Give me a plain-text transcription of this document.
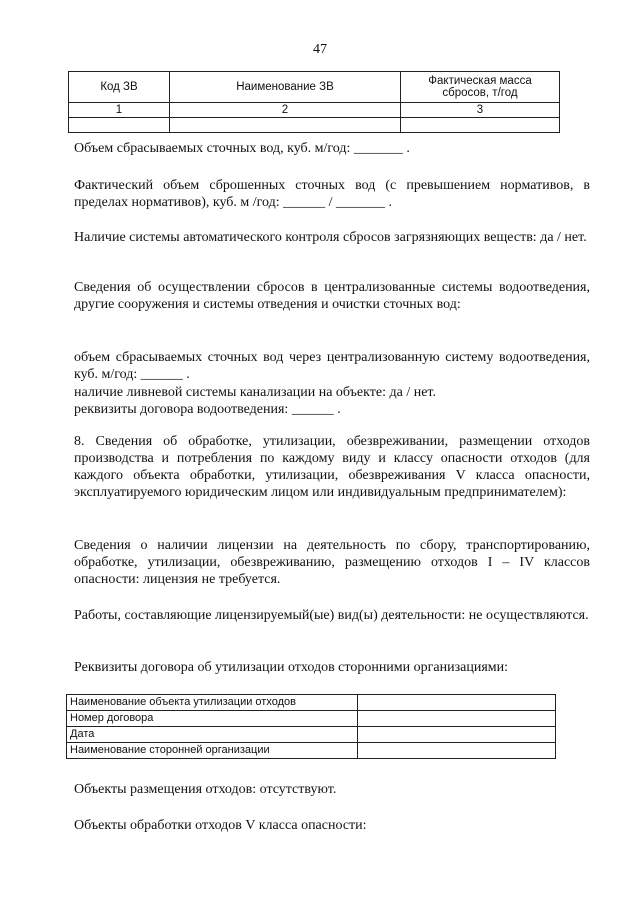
47
Код ЗВ	Наименование ЗВ	Фактическая масса сбросов, т/год
1	2	3

Объем сбрасываемых сточных вод, куб. м/год: _______ .

Фактический объем сброшенных сточных вод (с превышением нормативов, в пределах нормативов), куб. м /год: ______ / _______ .

Наличие системы автоматического контроля сбросов загрязняющих веществ: да / нет.

Сведения об осуществлении сбросов в централизованные системы водоотведения, другие сооружения и системы отведения и очистки сточных вод:

объем сбрасываемых сточных вод через централизованную систему водоотведения, куб. м/год: ______ .

наличие ливневой системы канализации на объекте: да / нет.

реквизиты договора водоотведения: ______ .

8. Сведения об обработке, утилизации, обезвреживании, размещении отходов производства и потребления по каждому виду и классу опасности отходов (для каждого объекта обработки, утилизации, обезвреживания V класса опасности, эксплуатируемого юридическим лицом или индивидуальным предпринимателем):

Сведения о наличии лицензии на деятельность по сбору, транспортированию, обработке, утилизации, обезвреживанию, размещению отходов I – IV классов опасности: лицензия не требуется.

Работы, составляющие лицензируемый(ые) вид(ы) деятельности: не осуществляются.

Реквизиты договора об утилизации отходов сторонними организациями:

Наименование объекта утилизации отходов	
Номер договора	
Дата	
Наименование сторонней организации	

Объекты размещения отходов: отсутствуют.

Объекты обработки отходов V класса опасности:
